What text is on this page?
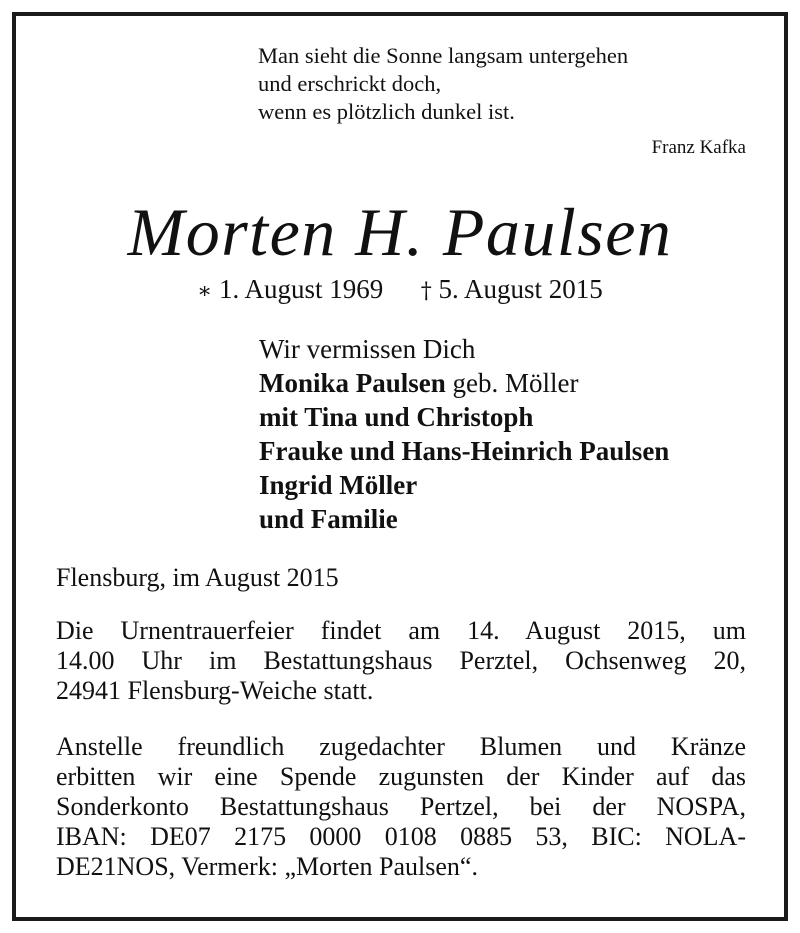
Man sieht die Sonne langsam untergehen
und erschrickt doch,
wenn es plötzlich dunkel ist.
Franz Kafka
Morten H. Paulsen
∗ 1. August 1969 † 5. August 2015
Wir vermissen Dich
Monika Paulsen geb. Möller
mit Tina und Christoph
Frauke und Hans-Heinrich Paulsen
Ingrid Möller
und Familie
Flensburg, im August 2015
Die Urnentrauerfeier findet am 14. August 2015, um
14.00 Uhr im Bestattungshaus Perztel, Ochsenweg 20,
24941 Flensburg-Weiche statt.
Anstelle freundlich zugedachter Blumen und Kränze
erbitten wir eine Spende zugunsten der Kinder auf das
Sonderkonto Bestattungshaus Pertzel, bei der NOSPA,
IBAN: DE07 2175 0000 0108 0885 53, BIC: NOLA-
DE21NOS, Vermerk: „Morten Paulsen“.
